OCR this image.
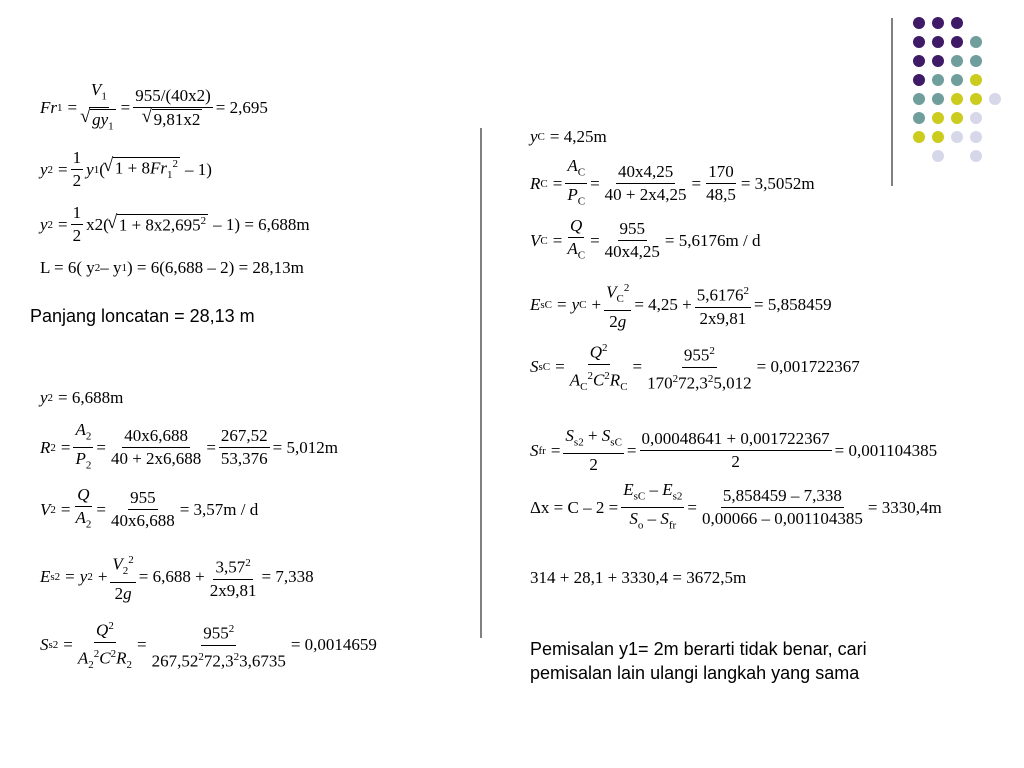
Fr $1 = V_1$
√ $gy_1 = 955/(40x2)$
√ 9,81x2 = 2,695
y $2 = \frac{1}{2}$ y 1 ( √ $1 + 8Fr_1^2 - 1$)
y $2 = \frac{1}{2} x2$( √ $1 + 8x2,695^2 - 1) = 6,688m$
L = 6( y 2 – y 1 ) = 6(6,688 – 2) = 28,13m
Panjang loncatan = 28,13 m
y 2 = 6,688m
R $2 = \frac{A_2}{P_2} = \frac{40x6,688}{40 + 2x6,688} = \frac{267,52}{53,376} = 5,012m$
V $2 = \frac{Q}{A_2} = \frac{955}{40x6,688} = 3,57m / d$
E s2 = y $2 + \frac{V_2^2}{2g} = 6,688 + \frac{3,57^2}{2x9,81} = 7,338$
S $s2 = \frac{Q^2}{A_2^2C^2R_2} = \frac{955^2}{267,52^272,3^23,6735} = 0,0014659$
y C = 4,25m
R $C = \frac{A_C}{P_C} = \frac{40x4,25}{40 + 2x4,25} = \frac{170}{48,5} = 3,5052m$
V $C = \frac{Q}{A_C} = \frac{955}{40x4,25} = 5,6176m / d$
E sC = y $C + \frac{V_C^2}{2g} = 4,25 + \frac{5,6176^2}{2x9,81} = 5,858459$
S sC = $\frac{Q^2}{A_C^2C^2R_C} = \frac{955^2}{170^272,3^25,012} = 0,001722367$
S fr = $\frac{S_{s2} + S_{sC}}{2} = \frac{0,00048641 + 0,001722367}{2} = 0,001104385$
$\Delta x = C - 2 = \frac{E_{sC} - E_{s2}}{S_o - S_{fr}} = \frac{5,858459 - 7,338}{0,00066 - 0,001104385} = 3330,4m$
314 + 28,1 + 3330,4 = 3672,5m
Pemisalan y1= 2m berarti tidak benar, cari pemisalan lain ulangi langkah yang sama
